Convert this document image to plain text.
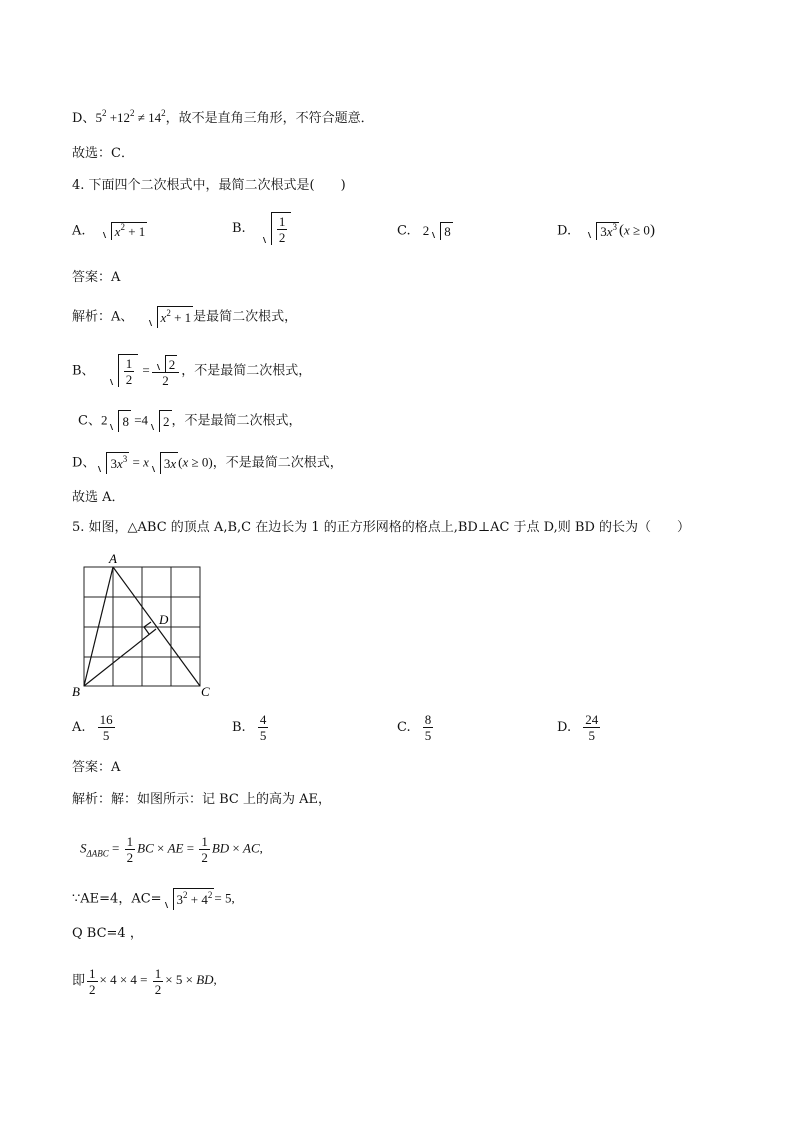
D、$5^2 +12^2 \ne 14^2$，故不是直角三角形，不符合题意．
故选：C．
4. 下面四个二次根式中，最简二次根式是(　　)
A. $x^2 + 1$	B. $\frac{1}{2}$	C. 2 8	D. $3x^3$ (x ≥ 0)
答案：A
解析：A、 $x^2 + 1$ 是最简二次根式，
B、 $\frac{1}{2} = \frac{2}{2}$ ，不是最简二次根式，
C、2 8 =4 2 ，不是最简二次根式，
D、 $3x^3 = x$ 3x (x ≥ 0)，不是最简二次根式，
故选 A．
5. 如图，△ABC 的顶点 A,B,C 在边长为 1 的正方形网格的格点上,BD⊥AC 于点 D,则 BD 的长为（　　）
A
B	C
D
A. $\frac{16}{5}$	B. $\frac{4}{5}$	C. $\frac{8}{5}$	D. $\frac{24}{5}$
答案：A
解析：解：如图所示：记 BC 上的高为 AE，
$S_{\Delta ABC} = \frac{1}{2}$ BC × AE = $\frac{1}{2}$ BD × AC,
∵AE=4，$AC= 3^2 + 4^2 = 5$,
Q BC=4 ，
即 $\frac{1}{2} \times 4 \times 4 = \frac{1}{2} \times 5$ × BD,
